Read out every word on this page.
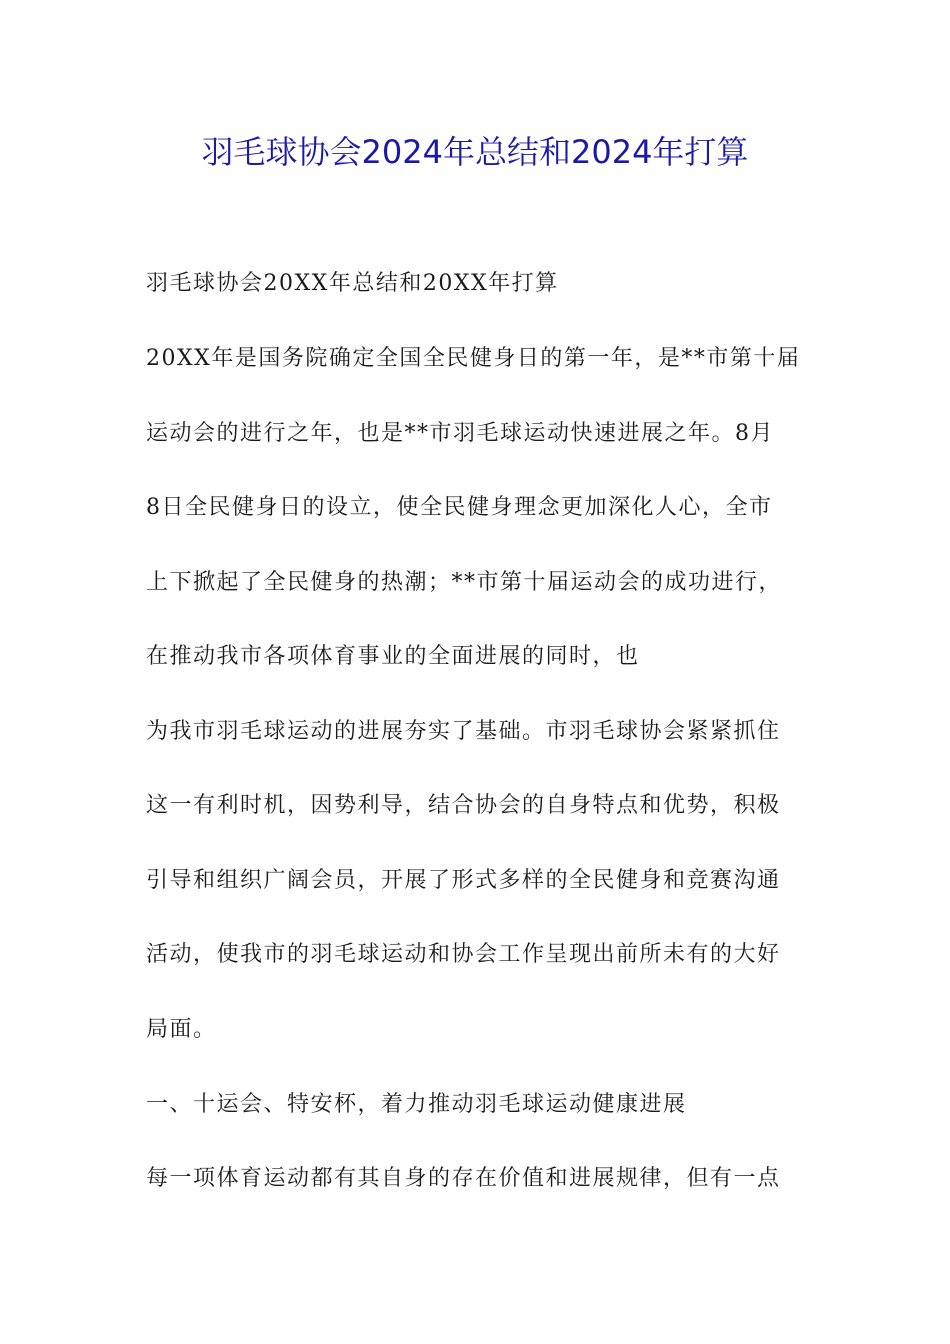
羽毛球协会2024年总结和2024年打算
羽毛球协会20XX年总结和20XX年打算
20XX年是国务院确定全国全民健身日的第一年，是**市第十届
运动会的进行之年，也是**市羽毛球运动快速进展之年。8月
8日全民健身日的设立，使全民健身理念更加深化人心，全市
上下掀起了全民健身的热潮；**市第十届运动会的成功进行，
在推动我市各项体育事业的全面进展的同时，也
为我市羽毛球运动的进展夯实了基础。市羽毛球协会紧紧抓住
这一有利时机，因势利导，结合协会的自身特点和优势，积极
引导和组织广阔会员，开展了形式多样的全民健身和竞赛沟通
活动，使我市的羽毛球运动和协会工作呈现出前所未有的大好
局面。
一、十运会、特安杯，着力推动羽毛球运动健康进展
每一项体育运动都有其自身的存在价值和进展规律，但有一点
